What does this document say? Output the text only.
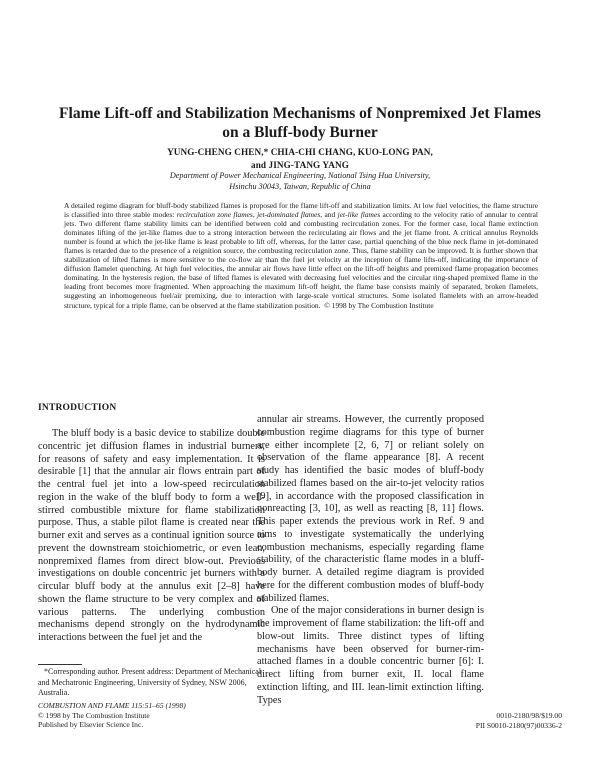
Flame Lift-off and Stabilization Mechanisms of Nonpremixed Jet Flames on a Bluff-body Burner
YUNG-CHENG CHEN,* CHIA-CHI CHANG, KUO-LONG PAN,
and JING-TANG YANG
Department of Power Mechanical Engineering, National Tsing Hua University,
Hsinchu 30043, Taiwan, Republic of China
A detailed regime diagram for bluff-body stabilized flames is proposed for the flame lift-off and stabilization limits. At low fuel velocities, the flame structure is classified into three stable modes: recirculation zone flames, jet-dominated flames, and jet-like flames according to the velocity ratio of annular to central jets. Two different flame stability limits can be identified between cold and combusting recirculation zones. For the former case, local flame extinction dominates lifting of the jet-like flames due to a strong interaction between the recirculating air flows and the jet flame front. A critical annulus Reynolds number is found at which the jet-like flame is least probable to lift off, whereas, for the latter case, partial quenching of the blue neck flame in jet-dominated flames is retarded due to the presence of a reignition source, the combusting recirculation zone. Thus, flame stability can be improved. It is further shown that stabilization of lifted flames is more sensitive to the co-flow air than the fuel jet velocity at the inception of flame lifts-off, indicating the importance of diffusion flamelet quenching. At high fuel velocities, the annular air flows have little effect on the lift-off heights and premixed flame propagation becomes dominating. In the hysteresis region, the base of lifted flames is elevated with decreasing fuel velocities and the circular ring-shaped premixed flame in the leading front becomes more fragmented. When approaching the maximum lift-off height, the flame base consists mainly of separated, broken flamelets, suggesting an inhomogeneous fuel/air premixing, due to interaction with large-scale vortical structures. Some isolated flamelets with an arrow-headed structure, typical for a triple flame, can be observed at the flame stabilization position. © 1998 by The Combustion Institute
INTRODUCTION

The bluff body is a basic device to stabilize double concentric jet diffusion flames in industrial burners, for reasons of safety and easy implementation. It is desirable [1] that the annular air flows entrain part of the central fuel jet into a low-speed recirculation region in the wake of the bluff body to form a well-stirred combustible mixture for flame stabilization purpose. Thus, a stable pilot flame is created near the burner exit and serves as a continual ignition source to prevent the downstream stoichiometric, or even lean, nonpremixed flames from direct blow-out. Previous investigations on double concentric jet burners with a circular bluff body at the annulus exit [2–8] have shown the flame structure to be very complex and of various patterns. The underlying combustion mechanisms depend strongly on the hydrodynamic interactions between the fuel jet and the

annular air streams. However, the currently proposed combustion regime diagrams for this type of burner are either incomplete [2, 6, 7] or reliant solely on observation of the flame appearance [8]. A recent study has identified the basic modes of bluff-body stabilized flames based on the air-to-jet velocity ratios [9], in accordance with the proposed classification in nonreacting [3, 10], as well as reacting [8, 11] flows. This paper extends the previous work in Ref. 9 and aims to investigate systematically the underlying combustion mechanisms, especially regarding flame stability, of the characteristic flame modes in a bluff-body burner. A detailed regime diagram is provided here for the different combustion modes of bluff-body stabilized flames.

One of the major considerations in burner design is the improvement of flame stabilization: the lift-off and blow-out limits. Three distinct types of lifting mechanisms have been observed for burner-rim-attached flames in a double concentric burner [6]: I. direct lifting from burner exit, II. local flame extinction lifting, and III. lean-limit extinction lifting. Types

*Corresponding author. Present address: Department of Mechanical and Mechatronic Engineering, University of Sydney, NSW 2006, Australia.

COMBUSTION AND FLAME 115:51–65 (1998)
© 1998 by The Combustion Institute
Published by Elsevier Science Inc.
0010-2180/98/$19.00
PII S0010-2180(97)00336-2
